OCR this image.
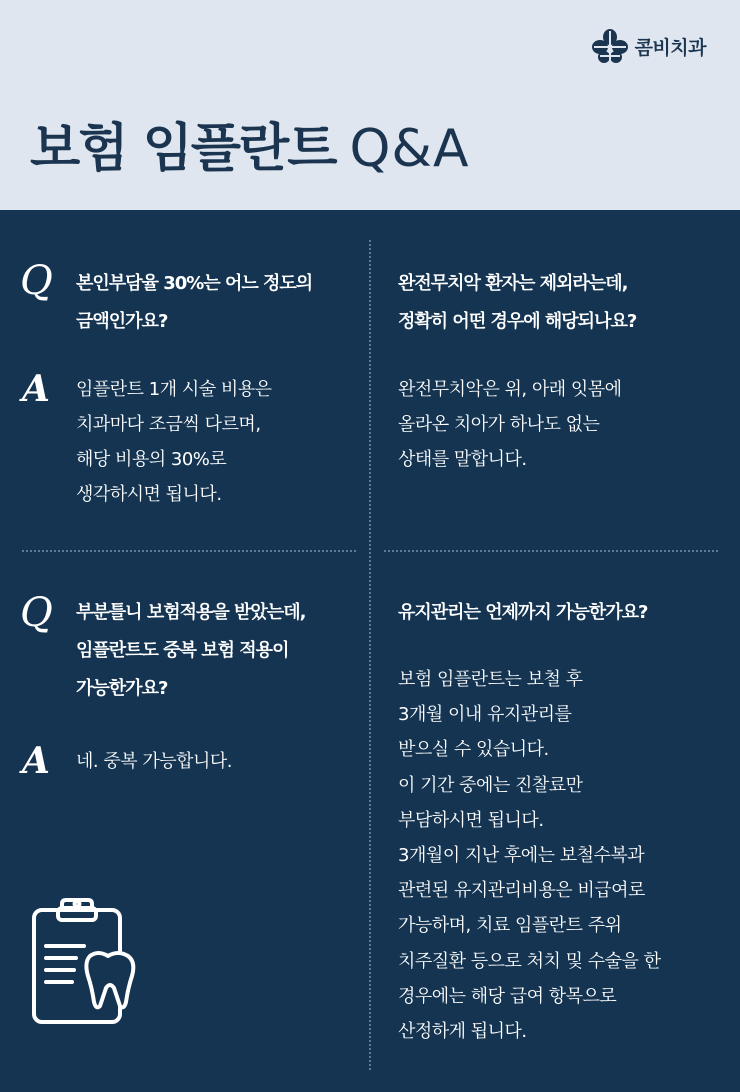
콤비치과
보험 임플란트 Q&A
Q 본인부담율 30%는 어느 정도의
금액인가요?
A 임플란트 1개 시술 비용은
치과마다 조금씩 다르며,
해당 비용의 30%로
생각하시면 됩니다.
완전무치악 환자는 제외라는데,
정확히 어떤 경우에 해당되나요?
완전무치악은 위, 아래 잇몸에
올라온 치아가 하나도 없는
상태를 말합니다.
Q 부분틀니 보험적용을 받았는데,
임플란트도 중복 보험 적용이
가능한가요?
A 네. 중복 가능합니다.
유지관리는 언제까지 가능한가요?
보험 임플란트는 보철 후
3개월 이내 유지관리를
받으실 수 있습니다.
이 기간 중에는 진찰료만
부담하시면 됩니다.
3개월이 지난 후에는 보철수복과
관련된 유지관리비용은 비급여로
가능하며, 치료 임플란트 주위
치주질환 등으로 처치 및 수술을 한
경우에는 해당 급여 항목으로
산정하게 됩니다.
